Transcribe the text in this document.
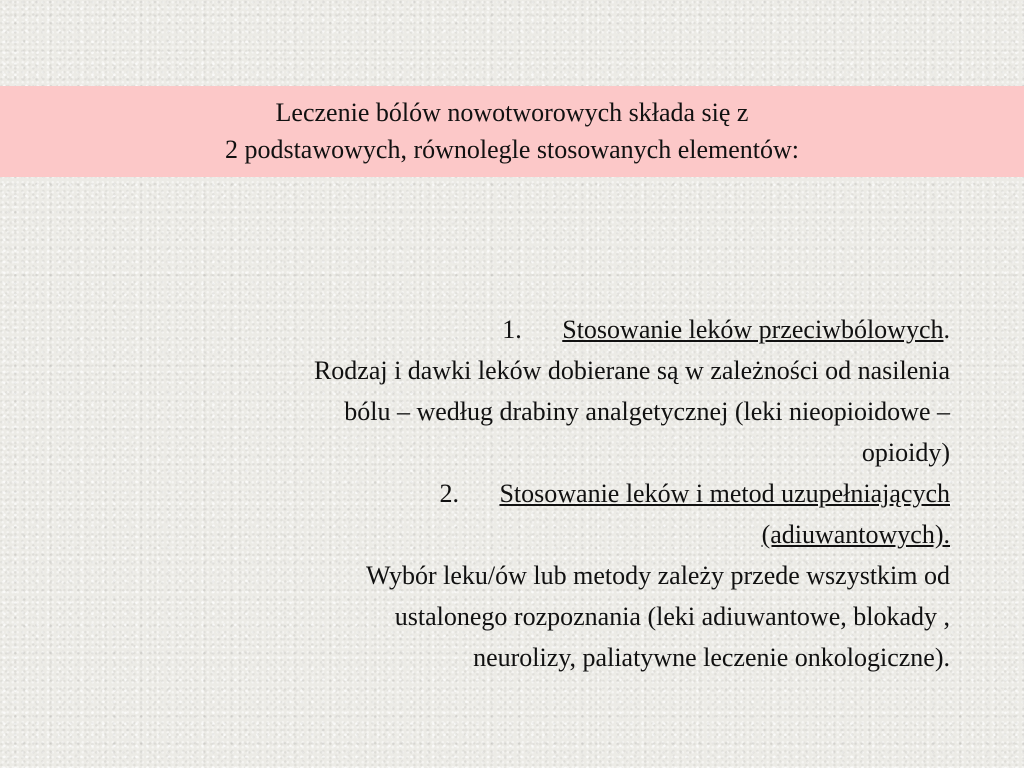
Leczenie bólów nowotworowych składa się z
2 podstawowych, równolegle stosowanych elementów:
1. Stosowanie leków przeciwbólowych.
Rodzaj i dawki leków dobierane są w zależności od nasilenia
bólu – według drabiny analgetycznej (leki nieopioidowe –
opioidy)
2. Stosowanie leków i metod uzupełniających
(adiuwantowych).
Wybór leku/ów lub metody zależy przede wszystkim od
ustalonego rozpoznania (leki adiuwantowe, blokady ,
neurolizy, paliatywne leczenie onkologiczne).
